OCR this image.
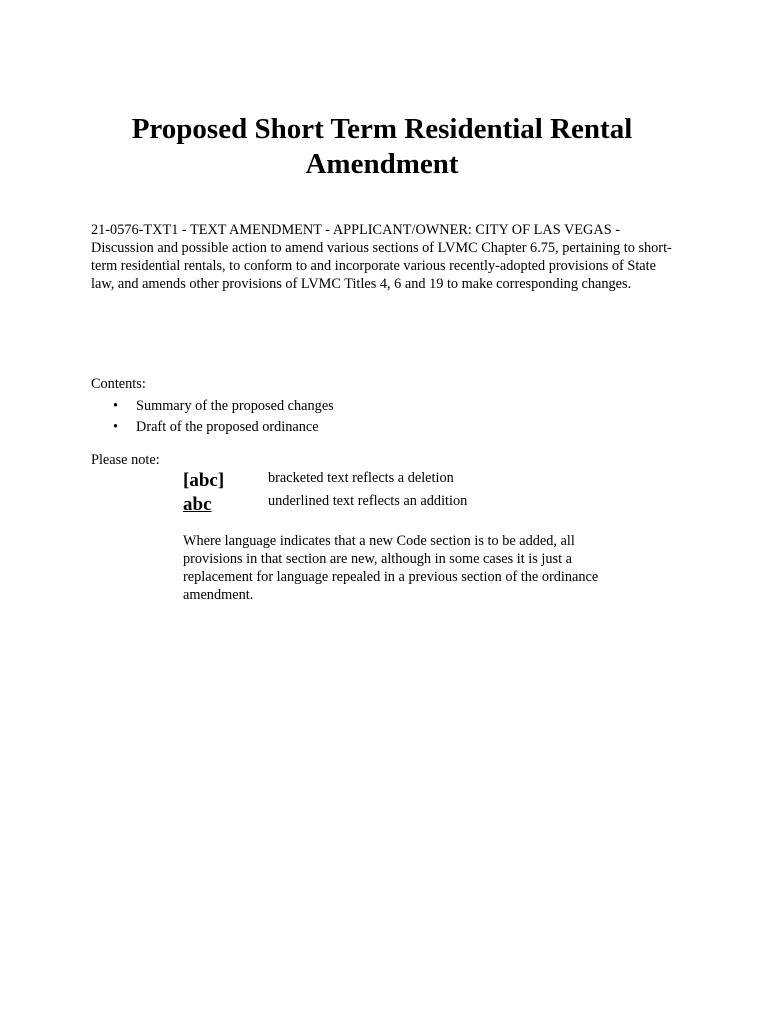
Proposed Short Term Residential Rental Amendment

21-0576-TXT1 - TEXT AMENDMENT - APPLICANT/OWNER: CITY OF LAS VEGAS - Discussion and possible action to amend various sections of LVMC Chapter 6.75, pertaining to short-term residential rentals, to conform to and incorporate various recently-adopted provisions of State law, and amends other provisions of LVMC Titles 4, 6 and 19 to make corresponding changes.

Contents:

• Summary of the proposed changes
• Draft of the proposed ordinance

Please note:

[abc]	bracketed text reflects a deletion
abc	underlined text reflects an addition

Where language indicates that a new Code section is to be added, all provisions in that section are new, although in some cases it is just a replacement for language repealed in a previous section of the ordinance amendment.
